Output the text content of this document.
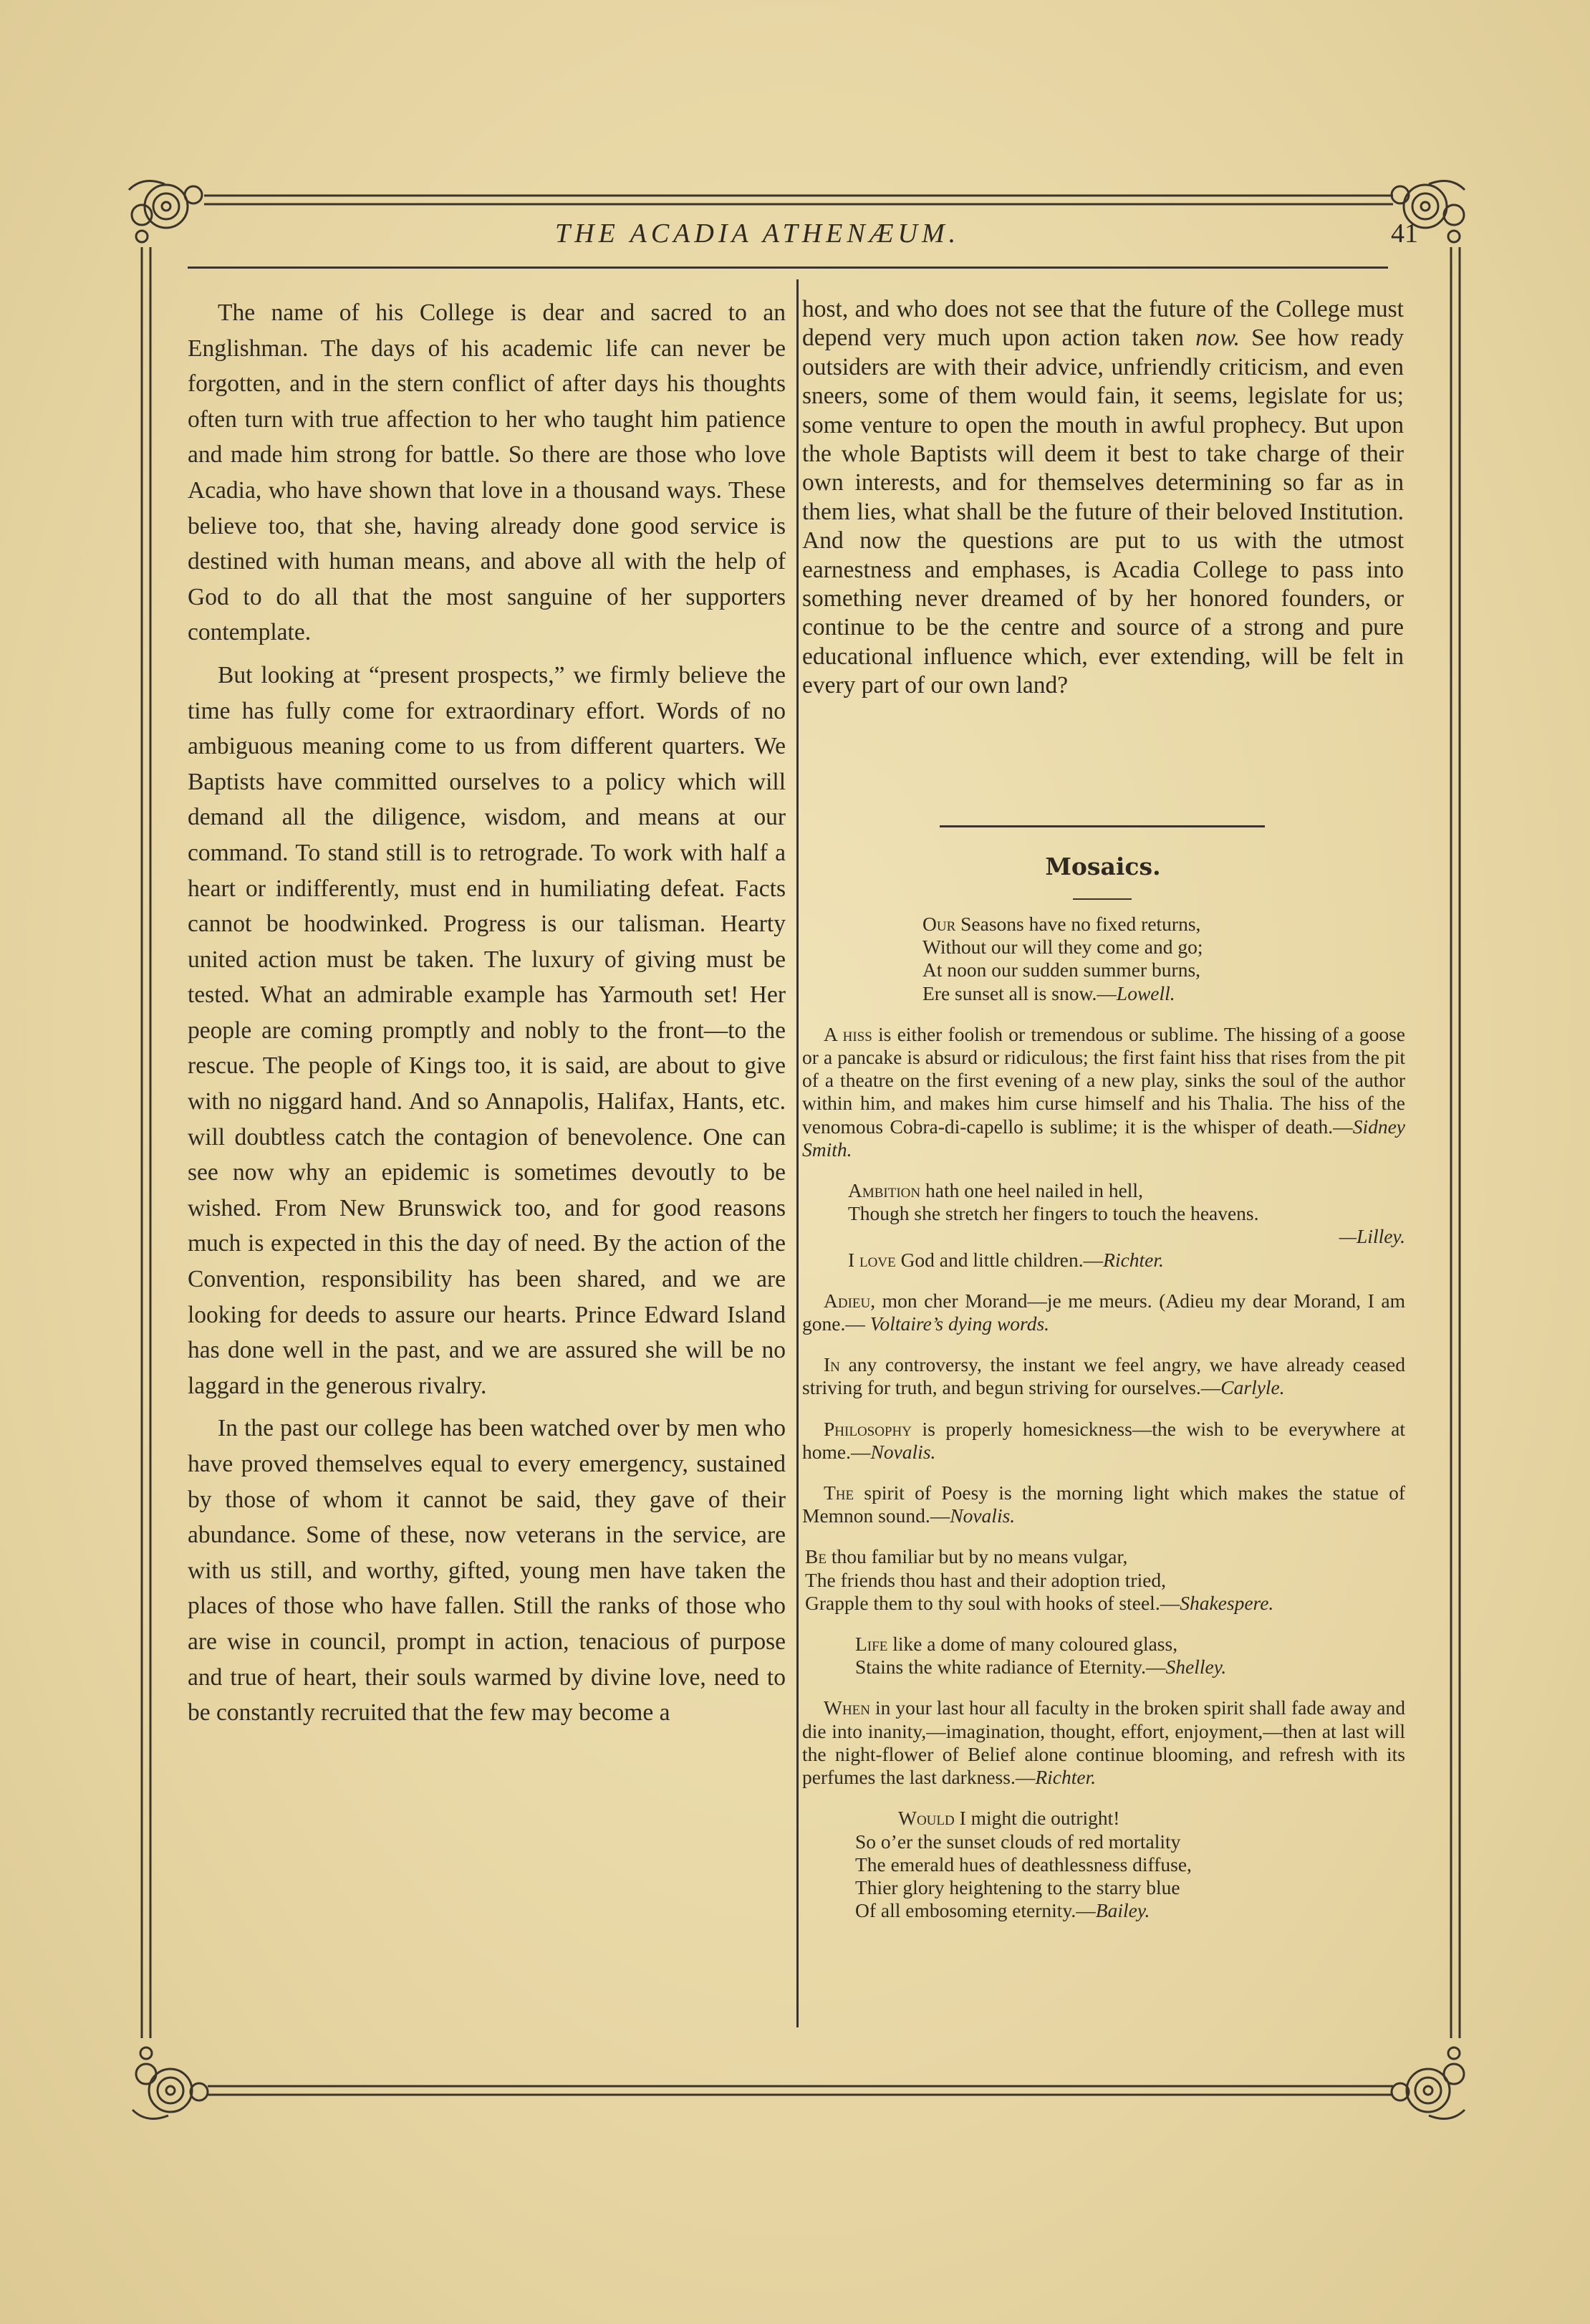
THE ACADIA ATHENÆUM.	41

The name of his College is dear and sacred to an Englishman. The days of his academic life can never be forgotten, and in the stern conflict of after days his thoughts often turn with true affection to her who taught him patience and made him strong for battle. So there are those who love Acadia, who have shown that love in a thousand ways. These believe too, that she, having already done good service is destined with human means, and above all with the help of God to do all that the most sanguine of her supporters contemplate.

But looking at “present prospects,” we firmly believe the time has fully come for extraordinary effort. Words of no ambiguous meaning come to us from different quarters. We Baptists have committed ourselves to a policy which will demand all the diligence, wisdom, and means at our command. To stand still is to retrograde. To work with half a heart or indifferently, must end in humiliating defeat. Facts cannot be hoodwinked. Progress is our talisman. Hearty united action must be taken. The luxury of giving must be tested. What an admirable example has Yarmouth set! Her people are coming promptly and nobly to the front—to the rescue. The people of Kings too, it is said, are about to give with no niggard hand. And so Annapolis, Halifax, Hants, etc. will doubtless catch the contagion of benevolence. One can see now why an epidemic is sometimes devoutly to be wished. From New Brunswick too, and for good reasons much is expected in this the day of need. By the action of the Convention, responsibility has been shared, and we are looking for deeds to assure our hearts. Prince Edward Island has done well in the past, and we are assured she will be no laggard in the generous rivalry.

In the past our college has been watched over by men who have proved themselves equal to every emergency, sustained by those of whom it cannot be said, they gave of their abundance. Some of these, now veterans in the service, are with us still, and worthy, gifted, young men have taken the places of those who have fallen. Still the ranks of those who are wise in council, prompt in action, tenacious of purpose and true of heart, their souls warmed by divine love, need to be constantly recruited that the few may become a

host, and who does not see that the future of the College must depend very much upon action taken now. See how ready outsiders are with their advice, unfriendly criticism, and even sneers, some of them would fain, it seems, legislate for us; some venture to open the mouth in awful prophecy. But upon the whole Baptists will deem it best to take charge of their own interests, and for themselves determining so far as in them lies, what shall be the future of their beloved Institution. And now the questions are put to us with the utmost earnestness and emphases, is Acadia College to pass into something never dreamed of by her honored founders, or continue to be the centre and source of a strong and pure educational influence which, ever extending, will be felt in every part of our own land?

Mosaics.
Our Seasons have no fixed returns,
Without our will they come and go;
At noon our sudden summer burns,
Ere sunset all is snow.—Lowell.
A hiss is either foolish or tremendous or sublime. The hissing of a goose or a pancake is absurd or ridiculous; the first faint hiss that rises from the pit of a theatre on the first evening of a new play, sinks the soul of the author within him, and makes him curse himself and his Thalia. The hiss of the venomous Cobra-di-capello is sublime; it is the whisper of death.—Sidney Smith.
Ambition hath one heel nailed in hell,
Though she stretch her fingers to touch the heavens.
—Lilley.
I love God and little children.—Richter.
Adieu, mon cher Morand—je me meurs. (Adieu my dear Morand, I am gone.— Voltaire’s dying words.
In any controversy, the instant we feel angry, we have already ceased striving for truth, and begun striving for ourselves.—Carlyle.
Philosophy is properly homesickness—the wish to be everywhere at home.—Novalis.
The spirit of Poesy is the morning light which makes the statue of Memnon sound.—Novalis.
Be thou familiar but by no means vulgar,
The friends thou hast and their adoption tried,
Grapple them to thy soul with hooks of steel.—Shakespere.
Life like a dome of many coloured glass,
Stains the white radiance of Eternity.—Shelley.
When in your last hour all faculty in the broken spirit shall fade away and die into inanity,—imagination, thought, effort, enjoyment,—then at last will the night-flower of Belief alone continue blooming, and refresh with its perfumes the last darkness.—Richter.
Would I might die outright!
So o’er the sunset clouds of red mortality
The emerald hues of deathlessness diffuse,
Thier glory heightening to the starry blue
Of all embosoming eternity.—Bailey.
